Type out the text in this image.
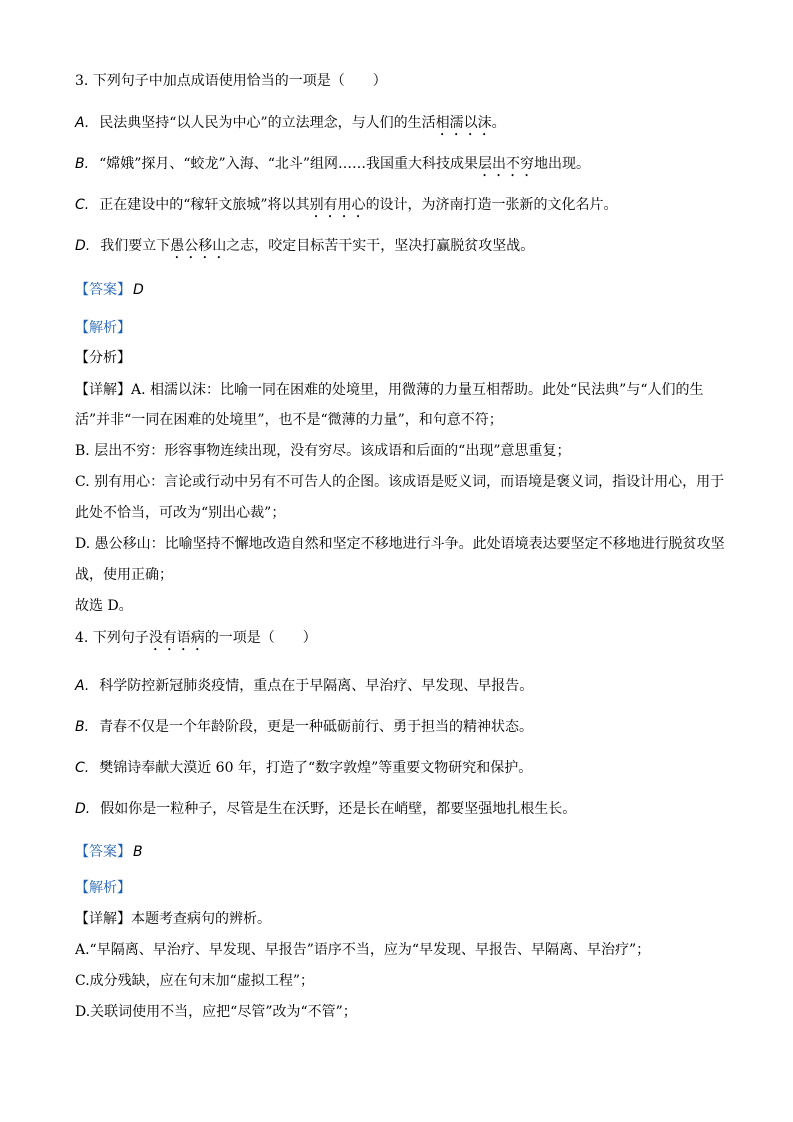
3. 下列句子中加点成语使用恰当的一项是（　　）
A. 民法典坚持“以人民为中心”的立法理念，与人们的生活相濡以沫。
B. “嫦娥”探月、“蛟龙”入海、“北斗”组网……我国重大科技成果层出不穷地出现。
C. 正在建设中的“稼轩文旅城”将以其别有用心的设计，为济南打造一张新的文化名片。
D. 我们要立下愚公移山之志，咬定目标苦干实干，坚决打赢脱贫攻坚战。
【答案】 D
【解析】
【分析】
【详解】A. 相濡以沫：比喻一同在困难的处境里，用微薄的力量互相帮助。此处“民法典”与“人们的生
活”并非“一同在困难的处境里”，也不是“微薄的力量”，和句意不符；
B. 层出不穷：形容事物连续出现，没有穷尽。该成语和后面的“出现”意思重复；
C. 别有用心：言论或行动中另有不可告人的企图。该成语是贬义词，而语境是褒义词，指设计用心，用于
此处不恰当，可改为“别出心裁”；
D. 愚公移山：比喻坚持不懈地改造自然和坚定不移地进行斗争。此处语境表达要坚定不移地进行脱贫攻坚
战，使用正确；
故选 D。
4. 下列句子没有语病的一项是（　　）
A. 科学防控新冠肺炎疫情，重点在于早隔离、早治疗、早发现、早报告。
B. 青春不仅是一个年龄阶段，更是一种砥砺前行、勇于担当的精神状态。
C. 樊锦诗奉献大漠近 60 年，打造了“数字敦煌”等重要文物研究和保护。
D. 假如你是一粒种子，尽管是生在沃野，还是长在峭壁，都要坚强地扎根生长。
【答案】 B
【解析】
【详解】本题考查病句的辨析。
A.“早隔离、早治疗、早发现、早报告”语序不当，应为“早发现、早报告、早隔离、早治疗”；
C.成分残缺，应在句末加“虚拟工程”；
D.关联词使用不当，应把“尽管”改为“不管”；
